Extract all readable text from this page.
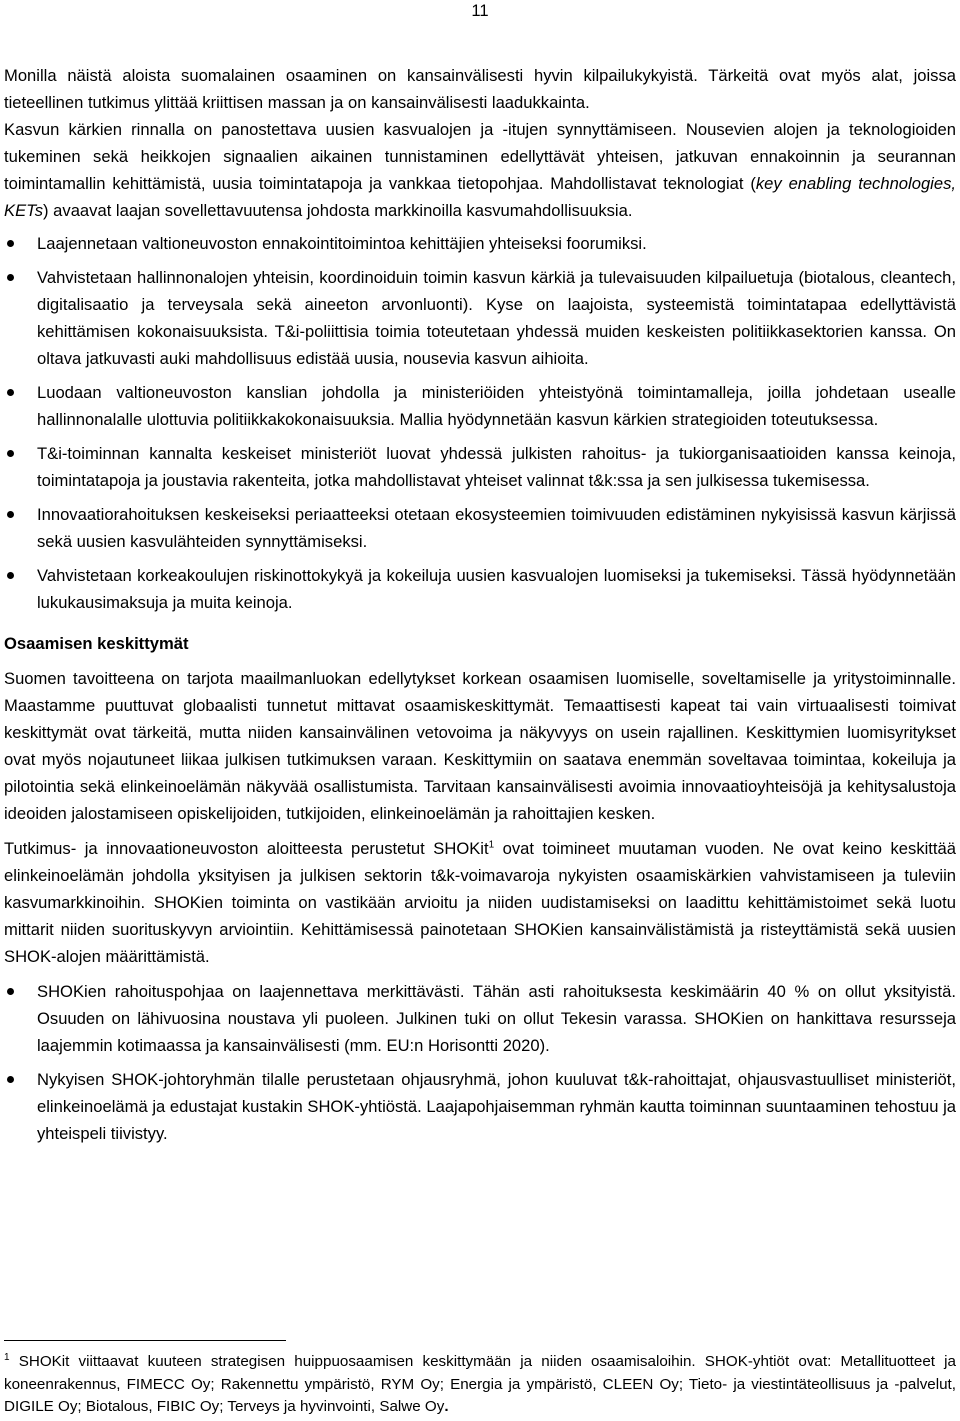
11

Monilla näistä aloista suomalainen osaaminen on kansainvälisesti hyvin kilpailukykyistä. Tärkeitä ovat myös alat, joissa tieteellinen tutkimus ylittää kriittisen massan ja on kansainvälisesti laadukkainta.

Kasvun kärkien rinnalla on panostettava uusien kasvualojen ja -itujen synnyttämiseen. Nousevien alojen ja teknologioiden tukeminen sekä heikkojen signaalien aikainen tunnistaminen edellyttävät yhteisen, jatkuvan ennakoinnin ja seurannan toimintamallin kehittämistä, uusia toimintatapoja ja vankkaa tietopohjaa. Mahdollistavat teknologiat (key enabling technologies, KETs) avaavat laajan sovellettavuutensa johdosta markkinoilla kasvumahdollisuuksia.

Laajennetaan valtioneuvoston ennakointitoimintoa kehittäjien yhteiseksi foorumiksi.
Vahvistetaan hallinnonalojen yhteisin, koordinoiduin toimin kasvun kärkiä ja tulevaisuuden kilpailuetuja (biotalous, cleantech, digitalisaatio ja terveysala sekä aineeton arvonluonti). Kyse on laajoista, systeemistä toimintatapaa edellyttävistä kehittämisen kokonaisuuksista. T&i-poliittisia toimia toteutetaan yhdessä muiden keskeisten politiikkasektorien kanssa. On oltava jatkuvasti auki mahdollisuus edistää uusia, nousevia kasvun aihioita.
Luodaan valtioneuvoston kanslian johdolla ja ministeriöiden yhteistyönä toimintamalleja, joilla johdetaan usealle hallinnonalalle ulottuvia politiikkakokonaisuuksia. Mallia hyödynnetään kasvun kärkien strategioiden toteutuksessa.
T&i-toiminnan kannalta keskeiset ministeriöt luovat yhdessä julkisten rahoitus- ja tukiorganisaatioiden kanssa keinoja, toimintatapoja ja joustavia rakenteita, jotka mahdollistavat yhteiset valinnat t&k:ssa ja sen julkisessa tukemisessa.
Innovaatiorahoituksen keskeiseksi periaatteeksi otetaan ekosysteemien toimivuuden edistäminen nykyisissä kasvun kärjissä sekä uusien kasvulähteiden synnyttämiseksi.
Vahvistetaan korkeakoulujen riskinottokykyä ja kokeiluja uusien kasvualojen luomiseksi ja tukemiseksi. Tässä hyödynnetään lukukausimaksuja ja muita keinoja.

Osaamisen keskittymät

Suomen tavoitteena on tarjota maailmanluokan edellytykset korkean osaamisen luomiselle, soveltamiselle ja yritystoiminnalle. Maastamme puuttuvat globaalisti tunnetut mittavat osaamiskeskittymät. Temaattisesti kapeat tai vain virtuaalisesti toimivat keskittymät ovat tärkeitä, mutta niiden kansainvälinen vetovoima ja näkyvyys on usein rajallinen. Keskittymien luomisyritykset ovat myös nojautuneet liikaa julkisen tutkimuksen varaan. Keskittymiin on saatava enemmän soveltavaa toimintaa, kokeiluja ja pilotointia sekä elinkeinoelämän näkyvää osallistumista. Tarvitaan kansainvälisesti avoimia innovaatioyhteisöjä ja kehitysalustoja ideoiden jalostamiseen opiskelijoiden, tutkijoiden, elinkeinoelämän ja rahoittajien kesken.

Tutkimus- ja innovaationeuvoston aloitteesta perustetut SHOKit$^1$ ovat toimineet muutaman vuoden. Ne ovat keino keskittää elinkeinoelämän johdolla yksityisen ja julkisen sektorin t&k-voimavaroja nykyisten osaamiskärkien vahvistamiseen ja tuleviin kasvumarkkinoihin. SHOKien toiminta on vastikään arvioitu ja niiden uudistamiseksi on laadittu kehittämistoimet sekä luotu mittarit niiden suorituskyvyn arviointiin. Kehittämisessä painotetaan SHOKien kansainvälistämistä ja risteyttämistä sekä uusien SHOK-alojen määrittämistä.

SHOKien rahoituspohjaa on laajennettava merkittävästi. Tähän asti rahoituksesta keskimäärin 40 % on ollut yksityistä. Osuuden on lähivuosina noustava yli puoleen. Julkinen tuki on ollut Tekesin varassa. SHOKien on hankittava resursseja laajemmin kotimaassa ja kansainvälisesti (mm. EU:n Horisontti 2020).
Nykyisen SHOK-johtoryhmän tilalle perustetaan ohjausryhmä, johon kuuluvat t&k-rahoittajat, ohjausvastuulliset ministeriöt, elinkeinoelämä ja edustajat kustakin SHOK-yhtiöstä. Laajapohjaisemman ryhmän kautta toiminnan suuntaaminen tehostuu ja yhteispeli tiivistyy.

$^1$ SHOKit viittaavat kuuteen strategisen huippuosaamisen keskittymään ja niiden osaamisaloihin. SHOK-yhtiöt ovat: Metallituotteet ja koneenrakennus, FIMECC Oy; Rakennettu ympäristö, RYM Oy; Energia ja ympäristö, CLEEN Oy; Tieto- ja viestintäteollisuus ja -palvelut, DIGILE Oy; Biotalous, FIBIC Oy; Terveys ja hyvinvointi, Salwe Oy.
